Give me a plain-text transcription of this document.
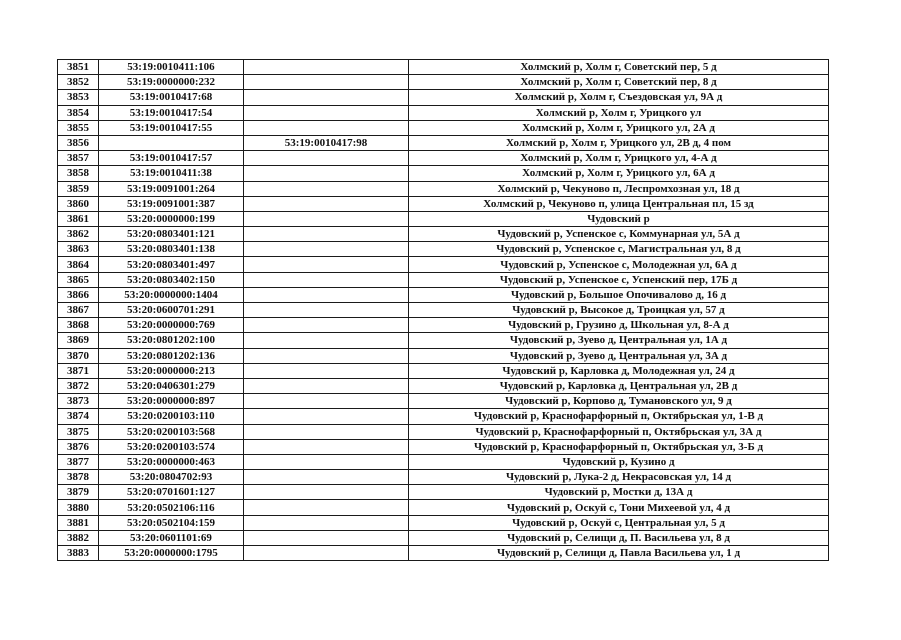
3851	53:19:0010411:106		Холмский р, Холм г, Советский пер, 5 д
3852	53:19:0000000:232		Холмский р, Холм г, Советский пер, 8 д
3853	53:19:0010417:68		Холмский р, Холм г, Съездовская ул, 9А д
3854	53:19:0010417:54		Холмский р, Холм г, Урицкого ул
3855	53:19:0010417:55		Холмский р, Холм г, Урицкого ул, 2А д
3856		53:19:0010417:98	Холмский р, Холм г, Урицкого ул, 2В д, 4 пом
3857	53:19:0010417:57		Холмский р, Холм г, Урицкого ул, 4-А д
3858	53:19:0010411:38		Холмский р, Холм г, Урицкого ул, 6А д
3859	53:19:0091001:264		Холмский р, Чекуново п, Леспромхозная ул, 18 д
3860	53:19:0091001:387		Холмский р, Чекуново п, улица Центральная пл, 15 зд
3861	53:20:0000000:199		Чудовский р
3862	53:20:0803401:121		Чудовский р, Успенское с, Коммунарная ул, 5А д
3863	53:20:0803401:138		Чудовский р, Успенское с, Магистральная ул, 8 д
3864	53:20:0803401:497		Чудовский р, Успенское с, Молодежная ул, 6А д
3865	53:20:0803402:150		Чудовский р, Успенское с, Успенский пер, 17Б д
3866	53:20:0000000:1404		Чудовский р, Большое Опочивалово д, 16 д
3867	53:20:0600701:291		Чудовский р, Высокое д, Троицкая ул, 57 д
3868	53:20:0000000:769		Чудовский р, Грузино д, Школьная ул, 8-А д
3869	53:20:0801202:100		Чудовский р, Зуево д, Центральная ул, 1А д
3870	53:20:0801202:136		Чудовский р, Зуево д, Центральная ул, 3А д
3871	53:20:0000000:213		Чудовский р, Карловка д, Молодежная ул, 24 д
3872	53:20:0406301:279		Чудовский р, Карловка д, Центральная ул, 2В д
3873	53:20:0000000:897		Чудовский р, Корпово д, Тумановского ул, 9 д
3874	53:20:0200103:110		Чудовский р, Краснофарфорный п, Октябрьская ул, 1-В д
3875	53:20:0200103:568		Чудовский р, Краснофарфорный п, Октябрьская ул, 3А д
3876	53:20:0200103:574		Чудовский р, Краснофарфорный п, Октябрьская ул, 3-Б д
3877	53:20:0000000:463		Чудовский р, Кузино д
3878	53:20:0804702:93		Чудовский р, Лука-2 д, Некрасовская ул, 14 д
3879	53:20:0701601:127		Чудовский р, Мостки д, 13А д
3880	53:20:0502106:116		Чудовский р, Оскуй с, Тони Михеевой ул, 4 д
3881	53:20:0502104:159		Чудовский р, Оскуй с, Центральная ул, 5 д
3882	53:20:0601101:69		Чудовский р, Селищи д, П. Васильева ул, 8 д
3883	53:20:0000000:1795		Чудовский р, Селищи д, Павла Васильева ул, 1 д
